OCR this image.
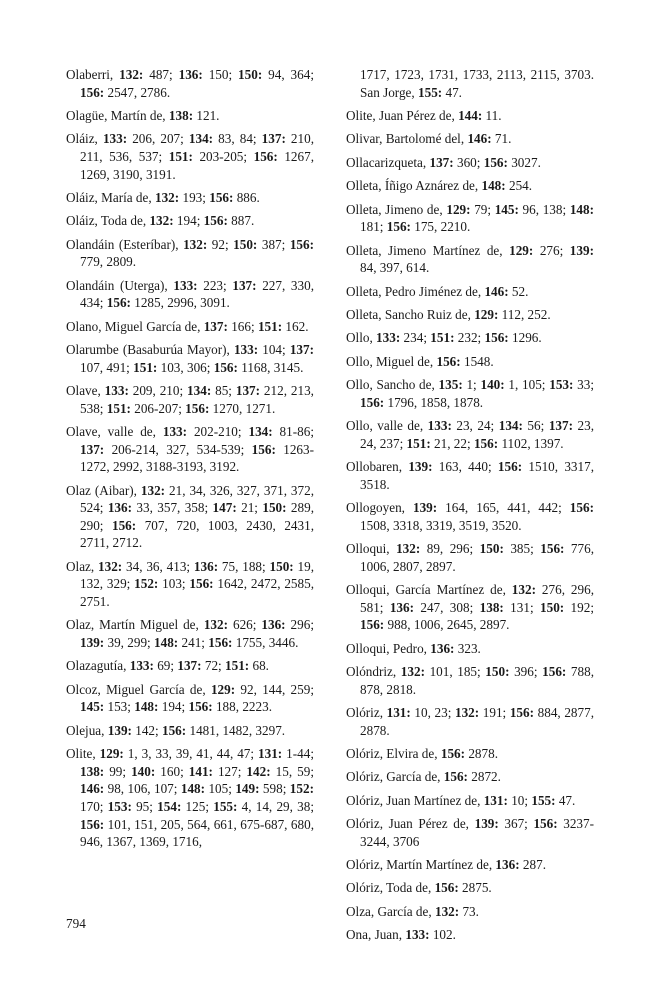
Olaberri, 132: 487; 136: 150; 150: 94, 364; 156: 2547, 2786.
Olagüe, Martín de, 138: 121.
Oláiz, 133: 206, 207; 134: 83, 84; 137: 210, 211, 536, 537; 151: 203-205; 156: 1267, 1269, 3190, 3191.
Oláiz, María de, 132: 193; 156: 886.
Oláiz, Toda de, 132: 194; 156: 887.
Olandáin (Esteríbar), 132: 92; 150: 387; 156: 779, 2809.
Olandáin (Uterga), 133: 223; 137: 227, 330, 434; 156: 1285, 2996, 3091.
Olano, Miguel García de, 137: 166; 151: 162.
Olarumbe (Basaburúa Mayor), 133: 104; 137: 107, 491; 151: 103, 306; 156: 1168, 3145.
Olave, 133: 209, 210; 134: 85; 137: 212, 213, 538; 151: 206-207; 156: 1270, 1271.
Olave, valle de, 133: 202-210; 134: 81-86; 137: 206-214, 327, 534-539; 156: 1263-1272, 2992, 3188-3193, 3192.
Olaz (Aibar), 132: 21, 34, 326, 327, 371, 372, 524; 136: 33, 357, 358; 147: 21; 150: 289, 290; 156: 707, 720, 1003, 2430, 2431, 2711, 2712.
Olaz, 132: 34, 36, 413; 136: 75, 188; 150: 19, 132, 329; 152: 103; 156: 1642, 2472, 2585, 2751.
Olaz, Martín Miguel de, 132: 626; 136: 296; 139: 39, 299; 148: 241; 156: 1755, 3446.
Olazagutía, 133: 69; 137: 72; 151: 68.
Olcoz, Miguel García de, 129: 92, 144, 259; 145: 153; 148: 194; 156: 188, 2223.
Olejua, 139: 142; 156: 1481, 1482, 3297.
Olite, 129: 1, 3, 33, 39, 41, 44, 47; 131: 1-44; 138: 99; 140: 160; 141: 127; 142: 15, 59; 146: 98, 106, 107; 148: 105; 149: 598; 152: 170; 153: 95; 154: 125; 155: 4, 14, 29, 38; 156: 101, 151, 205, 564, 661, 675-687, 680, 946, 1367, 1369, 1716,
1717, 1723, 1731, 1733, 2113, 2115, 3703. San Jorge, 155: 47.
Olite, Juan Pérez de, 144: 11.
Olivar, Bartolomé del, 146: 71.
Ollacarizqueta, 137: 360; 156: 3027.
Olleta, Íñigo Aznárez de, 148: 254.
Olleta, Jimeno de, 129: 79; 145: 96, 138; 148: 181; 156: 175, 2210.
Olleta, Jimeno Martínez de, 129: 276; 139: 84, 397, 614.
Olleta, Pedro Jiménez de, 146: 52.
Olleta, Sancho Ruiz de, 129: 112, 252.
Ollo, 133: 234; 151: 232; 156: 1296.
Ollo, Miguel de, 156: 1548.
Ollo, Sancho de, 135: 1; 140: 1, 105; 153: 33; 156: 1796, 1858, 1878.
Ollo, valle de, 133: 23, 24; 134: 56; 137: 23, 24, 237; 151: 21, 22; 156: 1102, 1397.
Ollobaren, 139: 163, 440; 156: 1510, 3317, 3518.
Ollogoyen, 139: 164, 165, 441, 442; 156: 1508, 3318, 3319, 3519, 3520.
Olloqui, 132: 89, 296; 150: 385; 156: 776, 1006, 2807, 2897.
Olloqui, García Martínez de, 132: 276, 296, 581; 136: 247, 308; 138: 131; 150: 192; 156: 988, 1006, 2645, 2897.
Olloqui, Pedro, 136: 323.
Olóndriz, 132: 101, 185; 150: 396; 156: 788, 878, 2818.
Olóriz, 131: 10, 23; 132: 191; 156: 884, 2877, 2878.
Olóriz, Elvira de, 156: 2878.
Olóriz, García de, 156: 2872.
Olóriz, Juan Martínez de, 131: 10; 155: 47.
Olóriz, Juan Pérez de, 139: 367; 156: 3237-3244, 3706
Olóriz, Martín Martínez de, 136: 287.
Olóriz, Toda de, 156: 2875.
Olza, García de, 132: 73.
Ona, Juan, 133: 102.
794
